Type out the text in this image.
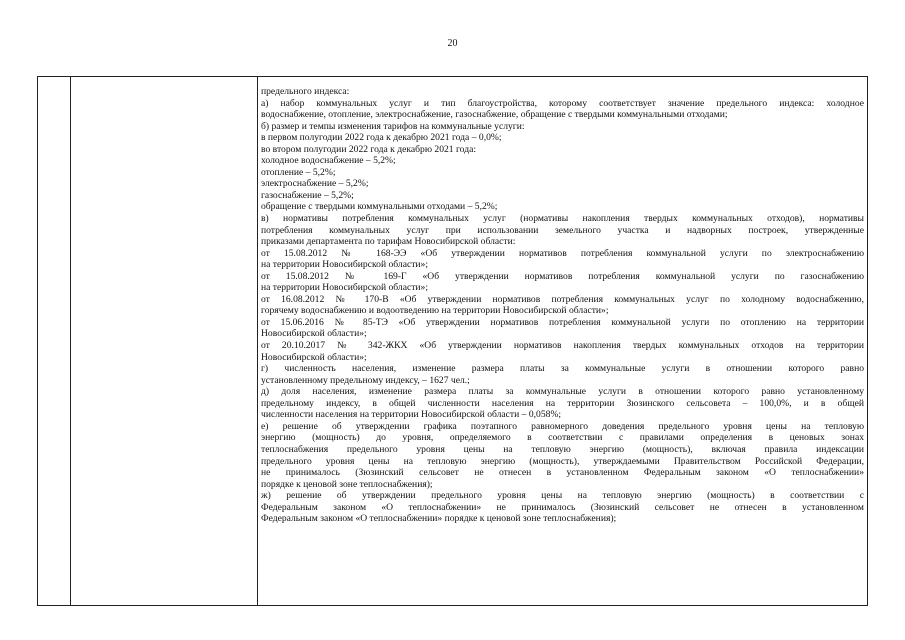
20
предельного индекса:
а) набор коммунальных услуг и тип благоустройства, которому соответствует значение предельного индекса: холодное
водоснабжение, отопление, электроснабжение, газоснабжение, обращение с твердыми коммунальными отходами;
б) размер и темпы изменения тарифов на коммунальные услуги:
в первом полугодии 2022 года к декабрю 2021 года – 0,0%;
во втором полугодии 2022 года к декабрю 2021 года:
холодное водоснабжение – 5,2%;
отопление – 5,2%;
электроснабжение – 5,2%;
газоснабжение – 5,2%;
обращение с твердыми коммунальными отходами – 5,2%;
в) нормативы потребления коммунальных услуг (нормативы накопления твердых коммунальных отходов), нормативы
потребления коммунальных услуг при использовании земельного участка и надворных построек, утвержденные
приказами департамента по тарифам Новосибирской области:
от 15.08.2012 № 168-ЭЭ «Об утверждении нормативов потребления коммунальной услуги по электроснабжению
на территории Новосибирской области»;
от 15.08.2012 № 169-Г «Об утверждении нормативов потребления коммунальной услуги по газоснабжению
на территории Новосибирской области»;
от 16.08.2012 № 170-В «Об утверждении нормативов потребления коммунальных услуг по холодному водоснабжению,
горячему водоснабжению и водоотведению на территории Новосибирской области»;
от 15.06.2016 № 85-ТЭ «Об утверждении нормативов потребления коммунальной услуги по отоплению на территории
Новосибирской области»;
от 20.10.2017 № 342-ЖКХ «Об утверждении нормативов накопления твердых коммунальных отходов на территории
Новосибирской области»;
г) численность населения, изменение размера платы за коммунальные услуги в отношении которого равно
установленному предельному индексу, – 1627 чел.;
д) доля населения, изменение размера платы за коммунальные услуги в отношении которого равно установленному
предельному индексу, в общей численности населения на территории Зюзинского сельсовета – 100,0%, и в общей
численности населения на территории Новосибирской области – 0,058%;
е) решение об утверждении графика поэтапного равномерного доведения предельного уровня цены на тепловую
энергию (мощность) до уровня, определяемого в соответствии с правилами определения в ценовых зонах
теплоснабжения предельного уровня цены на тепловую энергию (мощность), включая правила индексации
предельного уровня цены на тепловую энергию (мощность), утверждаемыми Правительством Российской Федерации,
не принималось (Зюзинский сельсовет не отнесен в установленном Федеральным законом «О теплоснабжении»
порядке к ценовой зоне теплоснабжения);
ж) решение об утверждении предельного уровня цены на тепловую энергию (мощность) в соответствии с
Федеральным законом «О теплоснабжении» не принималось (Зюзинский сельсовет не отнесен в установленном
Федеральным законом «О теплоснабжении» порядке к ценовой зоне теплоснабжения);
